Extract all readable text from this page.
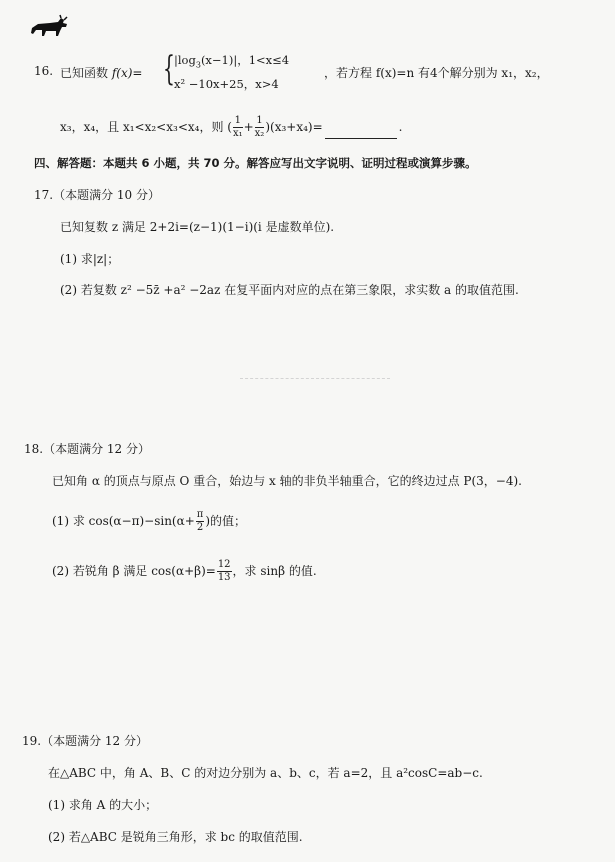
16. 已知函数 f(x)= { $|\log_3(x-1)|$，1<x≤4
x² −10x+25，x>4
，若方程 f(x)=n 有4个解分别为 x₁，x₂，
x₃，x₄，且 x₁<x₂<x₃<x₄，则 ( $\frac{1}{\text{x₁}} + \frac{1}{\text{x₂}} )(x_3+x_4)=$	.
四、解答题：本题共 6 小题，共 70 分。解答应写出文字说明、证明过程或演算步骤。
17.（本题满分 10 分）
已知复数 z 满足 2+2i=(z−1)(1−i)(i 是虚数单位).
(1) 求|z|；
(2) 若复数 z² −5z̄ +a² −2az 在复平面内对应的点在第三象限，求实数 a 的取值范围.
18.（本题满分 12 分）
已知角 α 的顶点与原点 O 重合，始边与 x 轴的非负半轴重合，它的终边过点 P(3，−4).
(1) 求 $\cos(\alpha-\pi)-\sin(\alpha+ \frac{\pi}{2}$ )的值；
(2) 若锐角 β 满足 $\cos(\alpha+\beta)= \frac{12}{13}$ ，求 sinβ 的值.
19.（本题满分 12 分）
在△ABC 中，角 A、B、C 的对边分别为 a、b、c，若 a=2，且 a²cosC=ab−c.
(1) 求角 A 的大小；
(2) 若△ABC 是锐角三角形，求 bc 的取值范围.
